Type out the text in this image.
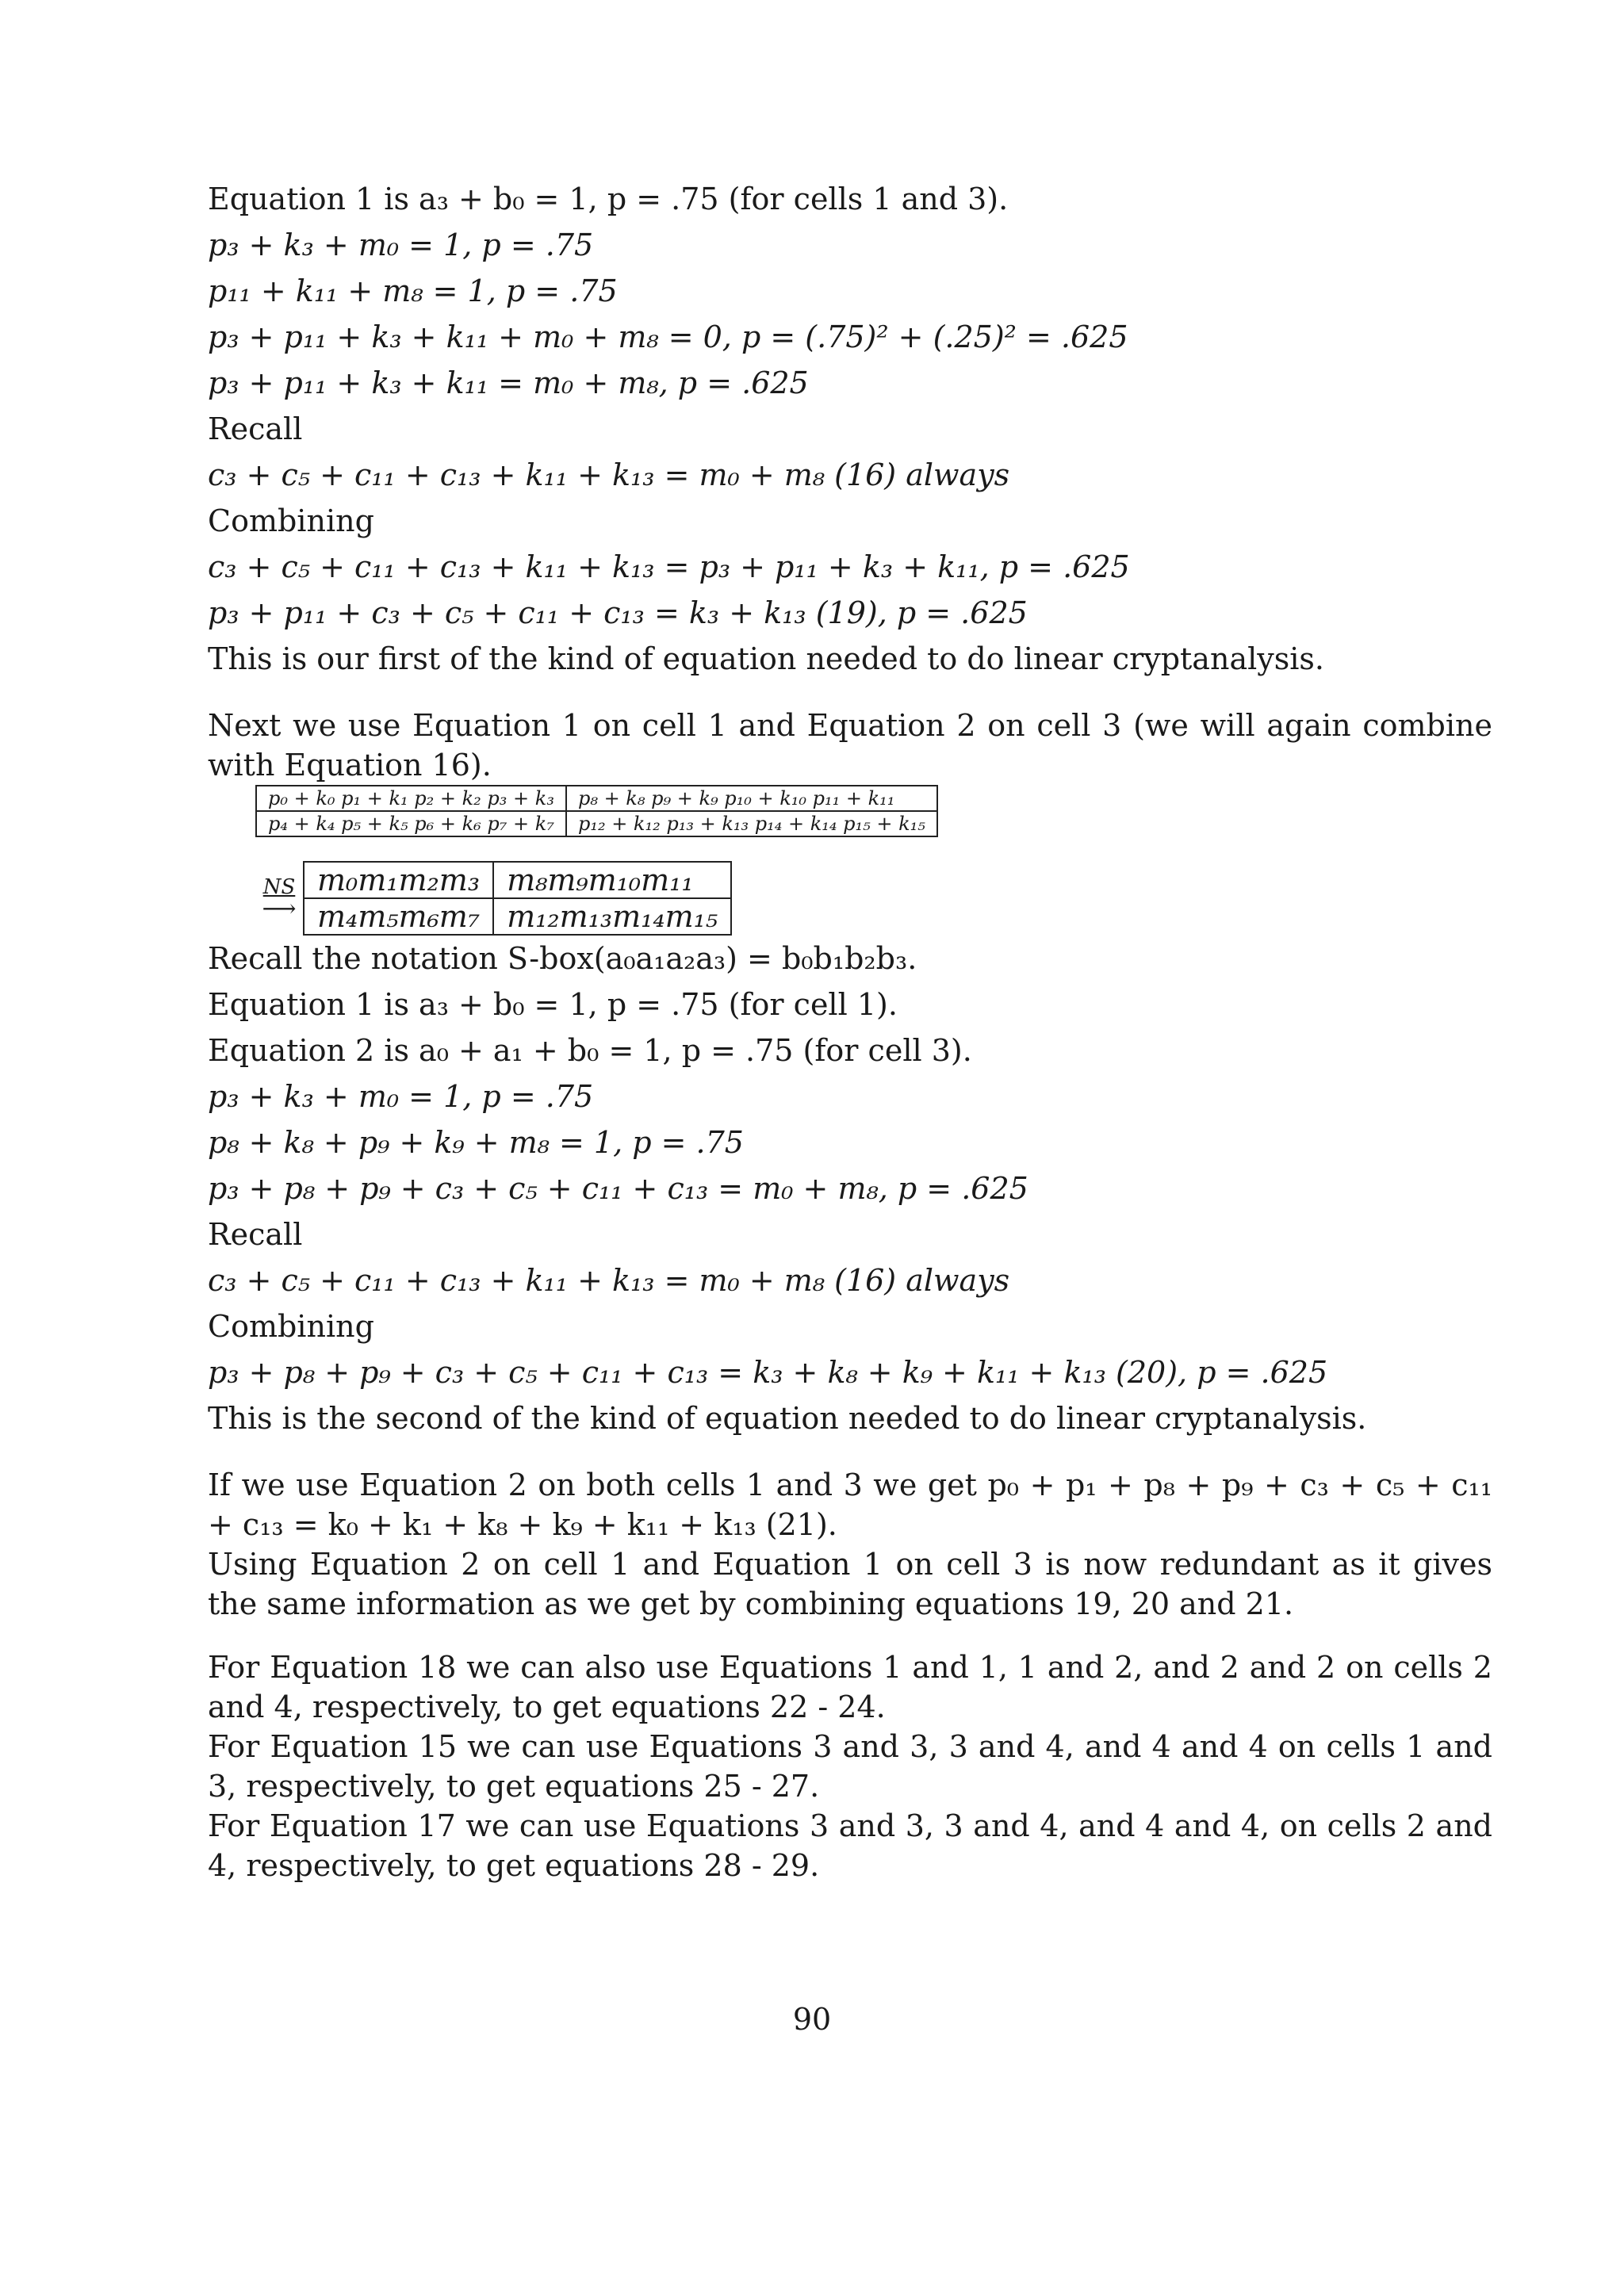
Equation 1 is a₃ + b₀ = 1, p = .75 (for cells 1 and 3).
p₃ + k₃ + m₀ = 1, p = .75
p₁₁ + k₁₁ + m₈ = 1, p = .75
p₃ + p₁₁ + k₃ + k₁₁ + m₀ + m₈ = 0, p = (.75)² + (.25)² = .625
p₃ + p₁₁ + k₃ + k₁₁ = m₀ + m₈, p = .625
Recall
c₃ + c₅ + c₁₁ + c₁₃ + k₁₁ + k₁₃ = m₀ + m₈ (16) always
Combining
c₃ + c₅ + c₁₁ + c₁₃ + k₁₁ + k₁₃ = p₃ + p₁₁ + k₃ + k₁₁, p = .625
p₃ + p₁₁ + c₃ + c₅ + c₁₁ + c₁₃ = k₃ + k₁₃ (19), p = .625
This is our first of the kind of equation needed to do linear cryptanalysis.
Next we use Equation 1 on cell 1 and Equation 2 on cell 3 (we will again combine with Equation 16).
p₀ + k₀ p₁ + k₁ p₂ + k₂ p₃ + k₃	p₈ + k₈ p₉ + k₉ p₁₀ + k₁₀ p₁₁ + k₁₁
p₄ + k₄ p₅ + k₅ p₆ + k₆ p₇ + k₇	p₁₂ + k₁₂ p₁₃ + k₁₃ p₁₄ + k₁₄ p₁₅ + k₁₅
NS
⟶
m₀m₁m₂m₃	m₈m₉m₁₀m₁₁
m₄m₅m₆m₇	m₁₂m₁₃m₁₄m₁₅
Recall the notation S-box(a₀a₁a₂a₃) = b₀b₁b₂b₃.
Equation 1 is a₃ + b₀ = 1, p = .75 (for cell 1).
Equation 2 is a₀ + a₁ + b₀ = 1, p = .75 (for cell 3).
p₃ + k₃ + m₀ = 1, p = .75
p₈ + k₈ + p₉ + k₉ + m₈ = 1, p = .75
p₃ + p₈ + p₉ + c₃ + c₅ + c₁₁ + c₁₃ = m₀ + m₈, p = .625
Recall
c₃ + c₅ + c₁₁ + c₁₃ + k₁₁ + k₁₃ = m₀ + m₈ (16) always
Combining
p₃ + p₈ + p₉ + c₃ + c₅ + c₁₁ + c₁₃ = k₃ + k₈ + k₉ + k₁₁ + k₁₃ (20), p = .625
This is the second of the kind of equation needed to do linear cryptanalysis.
If we use Equation 2 on both cells 1 and 3 we get p₀ + p₁ + p₈ + p₉ + c₃ + c₅ + c₁₁ + c₁₃ = k₀ + k₁ + k₈ + k₉ + k₁₁ + k₁₃ (21).
Using Equation 2 on cell 1 and Equation 1 on cell 3 is now redundant as it gives the same information as we get by combining equations 19, 20 and 21.
For Equation 18 we can also use Equations 1 and 1, 1 and 2, and 2 and 2 on cells 2 and 4, respectively, to get equations 22 - 24.
For Equation 15 we can use Equations 3 and 3, 3 and 4, and 4 and 4 on cells 1 and 3, respectively, to get equations 25 - 27.
For Equation 17 we can use Equations 3 and 3, 3 and 4, and 4 and 4, on cells 2 and 4, respectively, to get equations 28 - 29.
90
